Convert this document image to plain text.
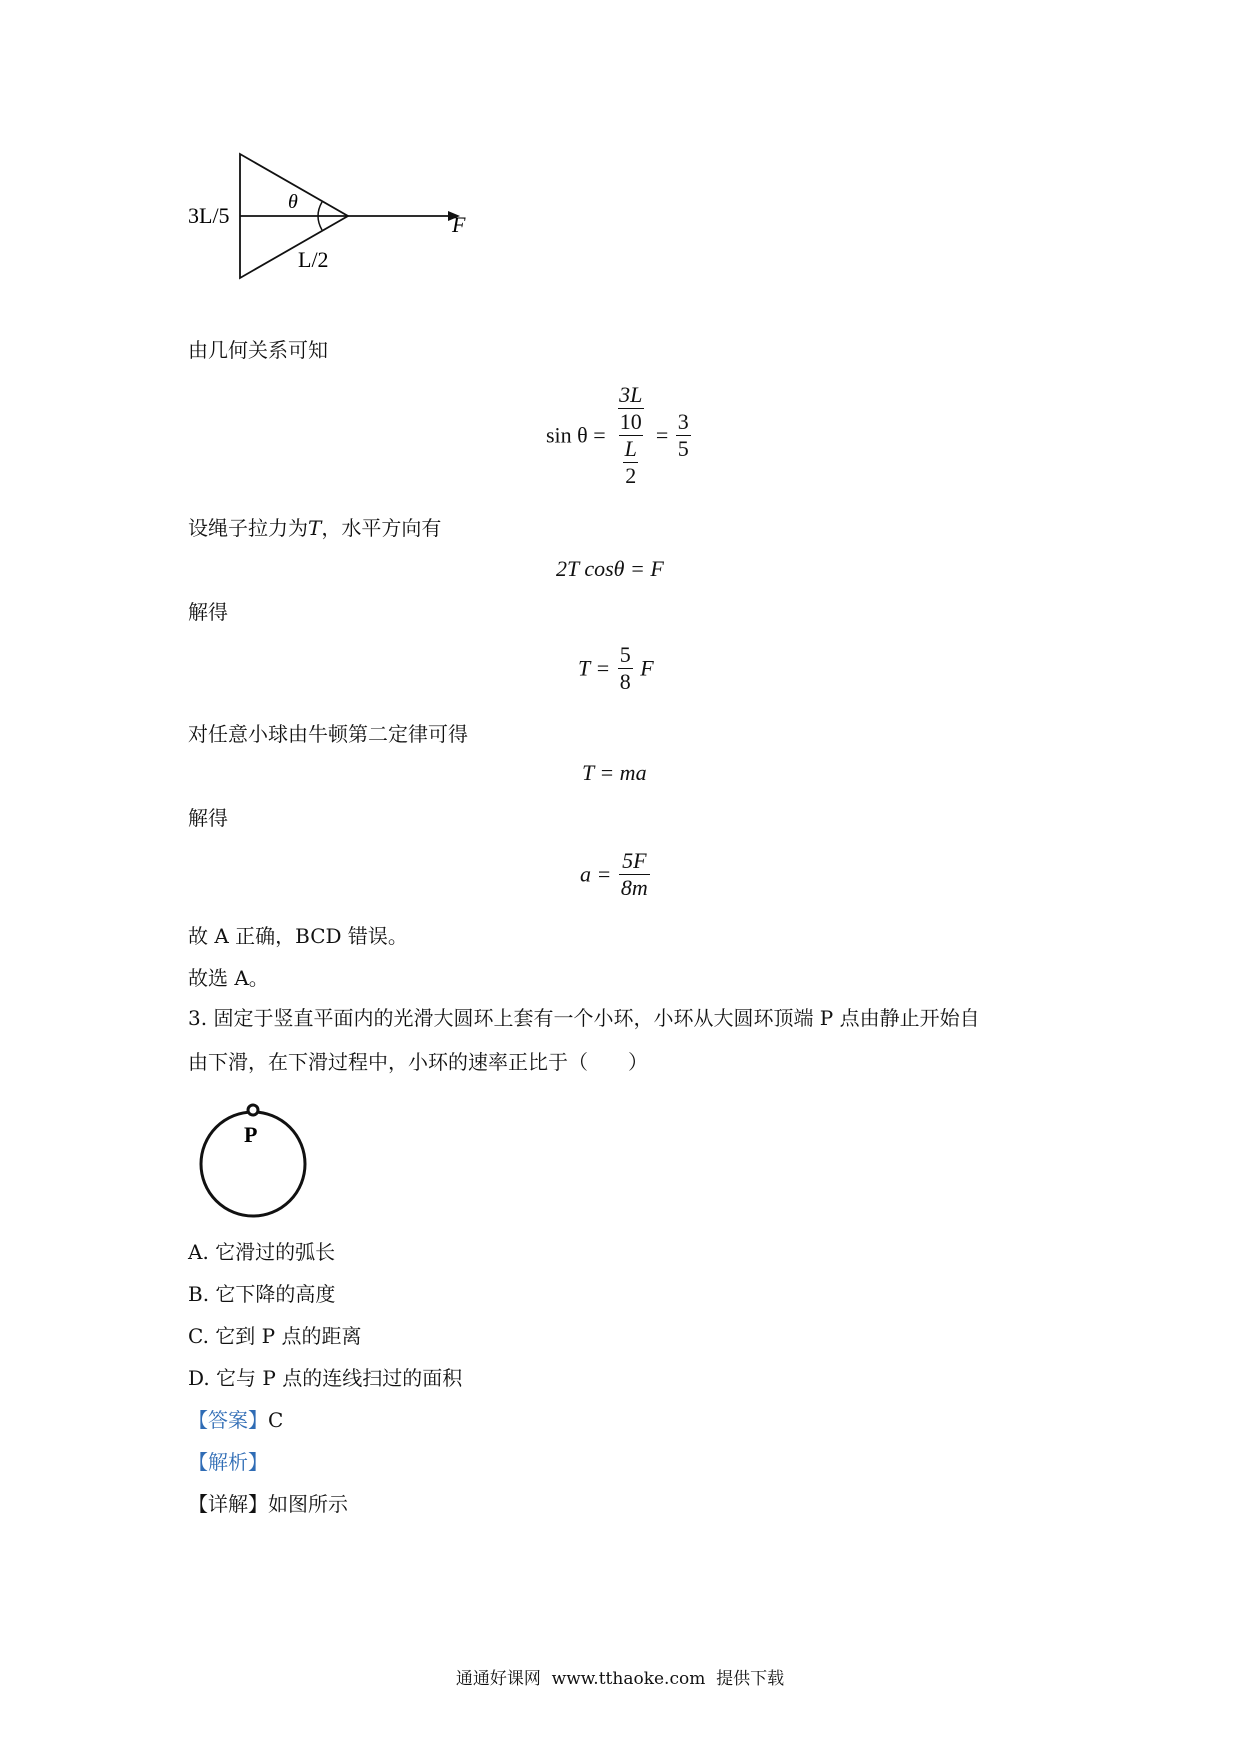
3L/5
θ
F
L/2
由几何关系可知
$\sin \theta = \frac{\frac{3L}{10}}{\frac{L}{2}} = \frac{3}{5}$
设绳子拉力为T，水平方向有
2T cosθ = F
解得
$T = \frac{5}{8}$ F
对任意小球由牛顿第二定律可得
T = ma
解得
$a = \frac{5F}{8m}$
故 A 正确，BCD 错误。
故选 A。
3. 固定于竖直平面内的光滑大圆环上套有一个小环，小环从大圆环顶端 P 点由静止开始自
由下滑，在下滑过程中，小环的速率正比于（　　）
P
A. 它滑过的弧长
B. 它下降的高度
C. 它到 P 点的距离
D. 它与 P 点的连线扫过的面积
【答案】C
【解析】
【详解】如图所示
通通好课网  www.tthaoke.com  提供下载
